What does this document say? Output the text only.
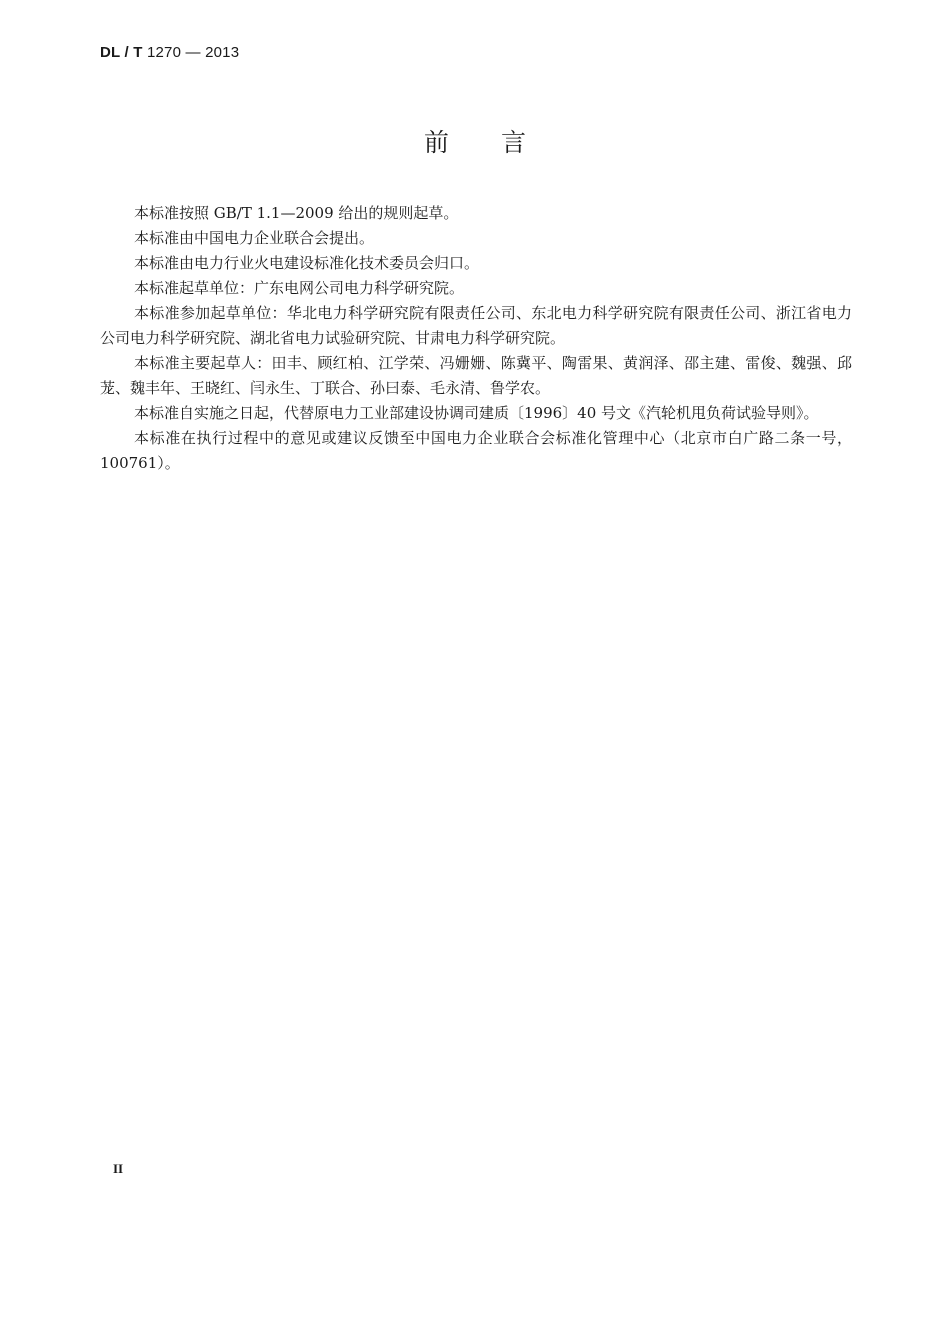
DL / T 1270 — 2013
前言

本标准按照 GB/T 1.1—2009 给出的规则起草。

本标准由中国电力企业联合会提出。

本标准由电力行业火电建设标准化技术委员会归口。

本标准起草单位：广东电网公司电力科学研究院。

本标准参加起草单位：华北电力科学研究院有限责任公司、东北电力科学研究院有限责任公司、浙江省电力公司电力科学研究院、湖北省电力试验研究院、甘肃电力科学研究院。

本标准主要起草人：田丰、顾红柏、江学荣、冯姗姗、陈冀平、陶雷果、黄润泽、邵主建、雷俊、魏强、邱茏、魏丰年、王晓红、闫永生、丁联合、孙曰泰、毛永清、鲁学农。

本标准自实施之日起，代替原电力工业部建设协调司建质〔1996〕40 号文《汽轮机甩负荷试验导则》。

本标准在执行过程中的意见或建议反馈至中国电力企业联合会标准化管理中心（北京市白广路二条一号，100761）。

II
